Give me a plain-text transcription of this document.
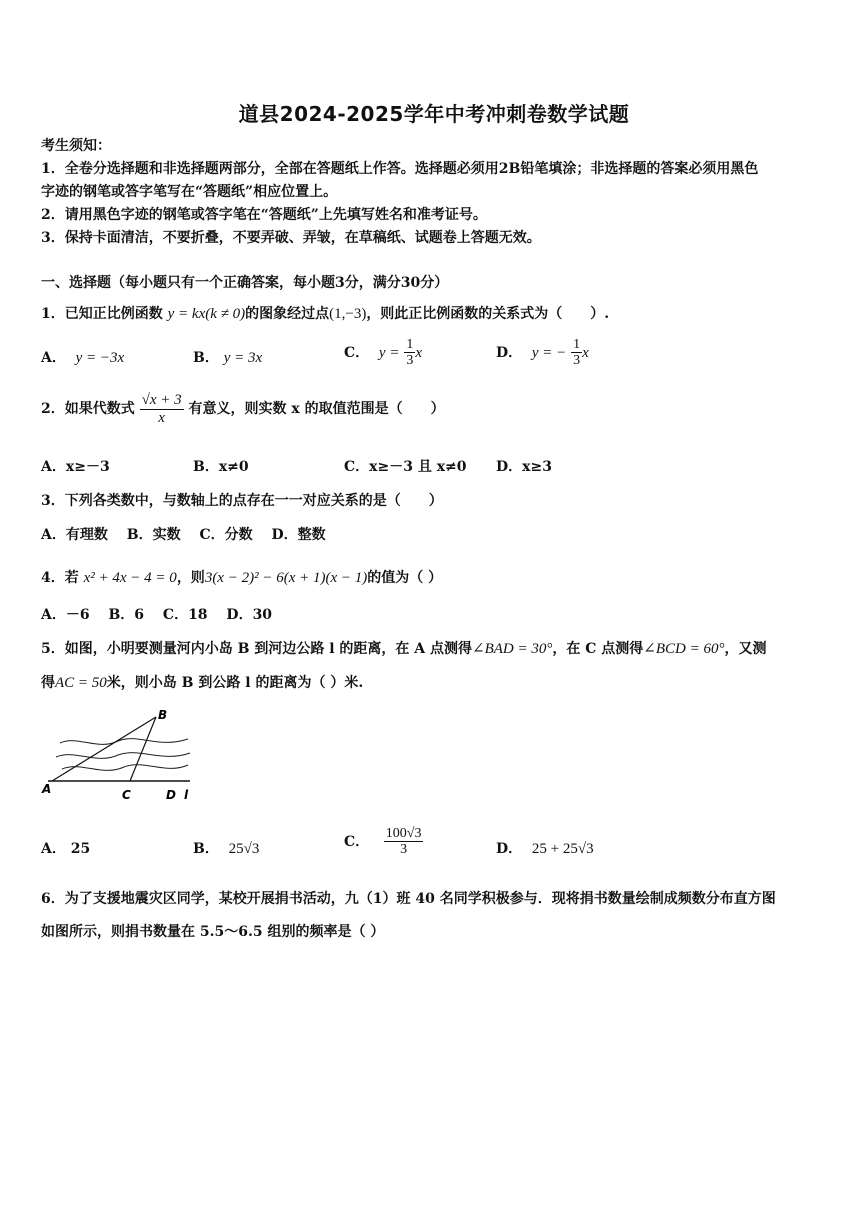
道县2024-2025学年中考冲刺卷数学试题
考生须知：
1．全卷分选择题和非选择题两部分，全部在答题纸上作答。选择题必须用2B铅笔填涂；非选择题的答案必须用黑色
字迹的钢笔或答字笔写在“答题纸”相应位置上。
2．请用黑色字迹的钢笔或答字笔在“答题纸”上先填写姓名和准考证号。
3．保持卡面清洁，不要折叠，不要弄破、弄皱，在草稿纸、试题卷上答题无效。
一、选择题（每小题只有一个正确答案，每小题3分，满分30分）
1．已知正比例函数 y = kx(k ≠ 0)的图象经过点(1,−3)，则此正比例函数的关系式为（　　）.
A． y = −3x	B． y = 3x	C． $y = \frac{1}{3}$ x	D． y = − $\frac{1}{3}$ x
2．如果代数式 $\frac{√x + 3}{x}$ 有意义，则实数 x 的取值范围是（　　）
A．x≥－3	B．x≠0	C．x≥－3 且 x≠0 D．x≥3
3．下列各类数中，与数轴上的点存在一一对应关系的是（　　）
A．有理数　 B．实数　 C．分数　 D．整数
4．若 x² + 4x − 4 = 0，则3(x − 2)² − 6(x + 1)(x − 1)的值为（ ）
A．－6　 B．6　 C．18　 D．30
5．如图，小明要测量河内小岛 B 到河边公路 l 的距离，在 A 点测得∠BAD = 30°，在 C 点测得∠BCD = 60°，又测
得AC = 50米，则小岛 B 到公路 l 的距离为（ ）米.
B
A	C	D l
A． 25	B． 25√3	C． $\frac{100√3}{3}$	D． 25 + 25√3
6．为了支援地震灾区同学，某校开展捐书活动，九（1）班 40 名同学积极参与．现将捐书数量绘制成频数分布直方图
如图所示，则捐书数量在 5.5～6.5 组别的频率是（ ）
